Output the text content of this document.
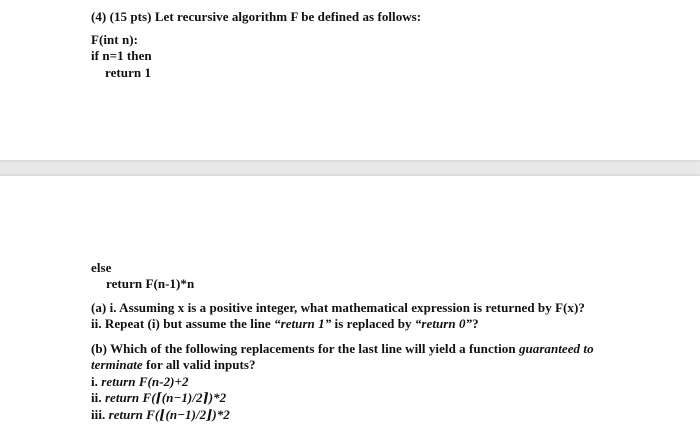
(4) (15 pts) Let recursive algorithm F be defined as follows:
F(int n):
if n=1 then
return 1
else
return F(n-1)*n
(a) i. Assuming x is a positive integer, what mathematical expression is returned by F(x)?
ii. Repeat (i) but assume the line “return 1” is replaced by “return 0”?
(b) Which of the following replacements for the last line will yield a function guaranteed to
terminate for all valid inputs?
i. return F(n-2)+2
ii. return F(⌈(n−1)/2⌉)*2
iii. return F(⌊(n−1)/2⌋)*2
